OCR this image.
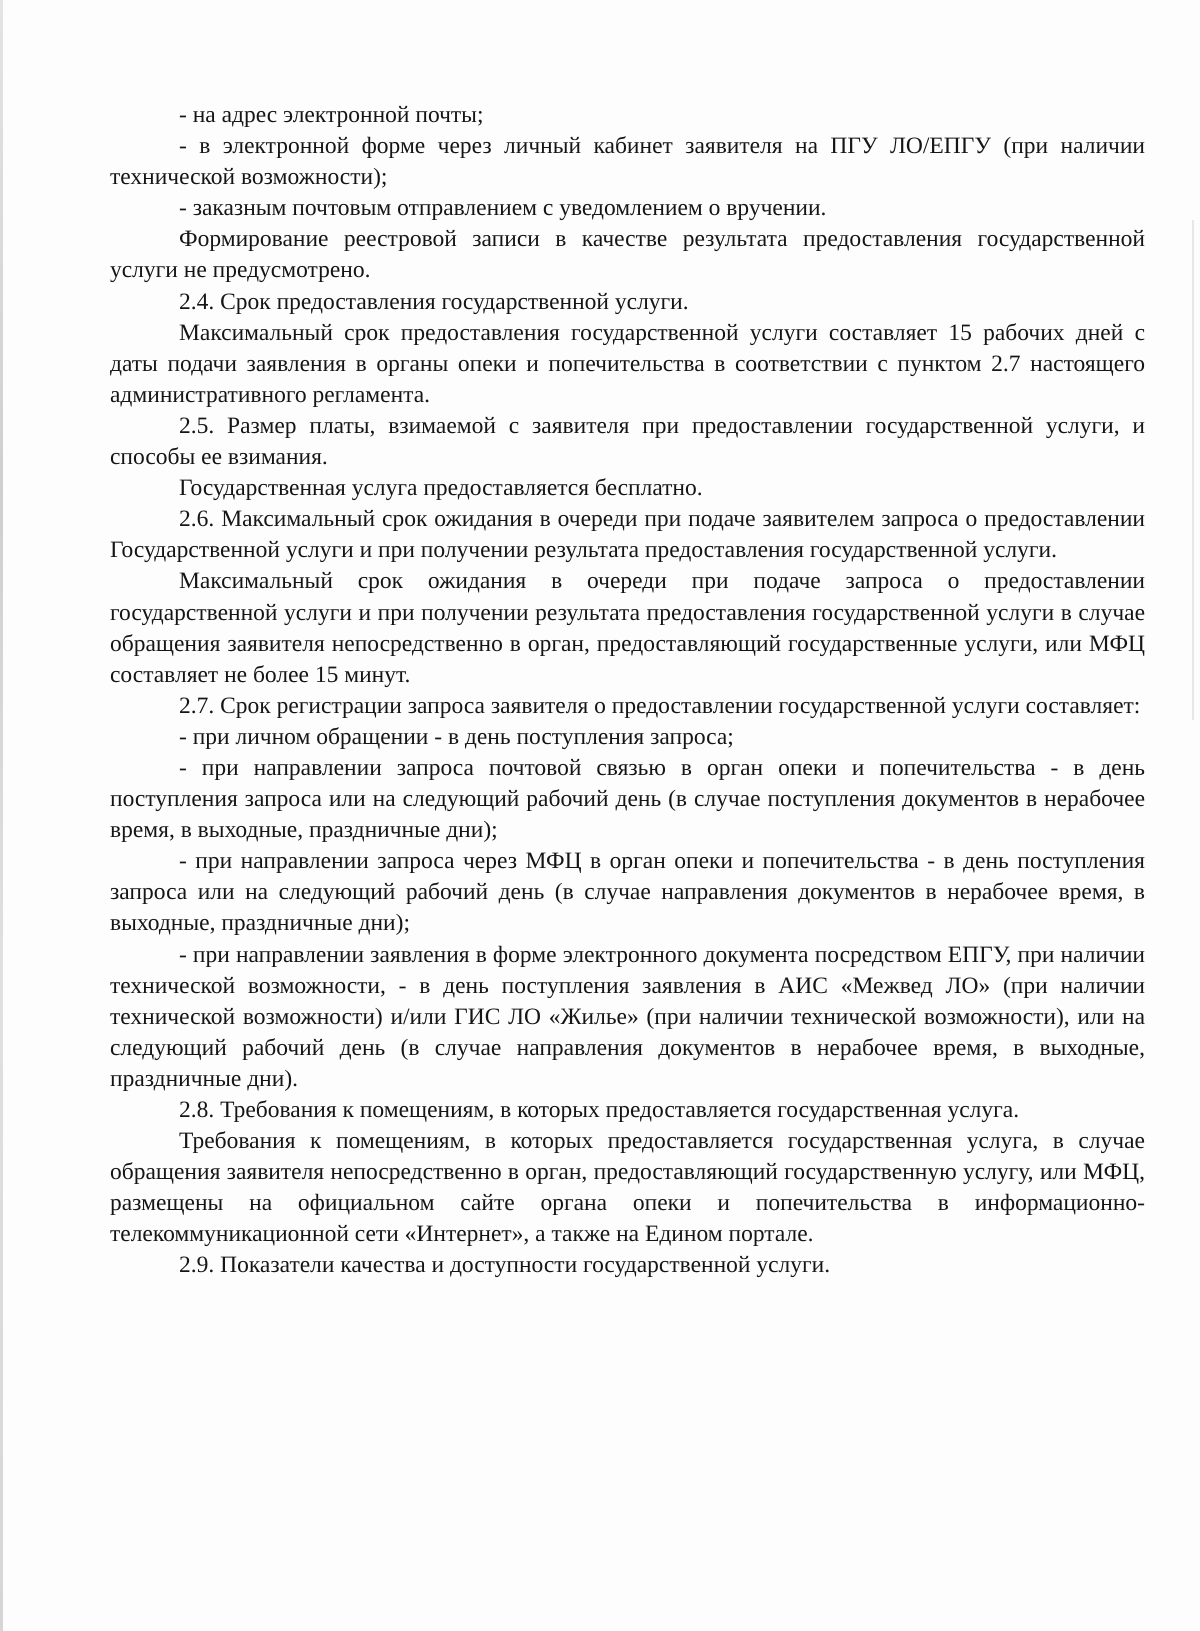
- на адрес электронной почты;

- в электронной форме через личный кабинет заявителя на ПГУ ЛО/ЕПГУ (при наличии технической возможности);

- заказным почтовым отправлением с уведомлением о вручении.

Формирование реестровой записи в качестве результата предоставления государственной услуги не предусмотрено.

2.4. Срок предоставления государственной услуги.

Максимальный срок предоставления государственной услуги составляет 15 рабочих дней с даты подачи заявления в органы опеки и попечительства в соответствии с пунктом 2.7 настоящего административного регламента.

2.5. Размер платы, взимаемой с заявителя при предоставлении государственной услуги, и способы ее взимания.

Государственная услуга предоставляется бесплатно.

2.6. Максимальный срок ожидания в очереди при подаче заявителем запроса о предоставлении Государственной услуги и при получении результата предоставления государственной услуги.

Максимальный срок ожидания в очереди при подаче запроса о предоставлении государственной услуги и при получении результата предоставления государственной услуги в случае обращения заявителя непосредственно в орган, предоставляющий государственные услуги, или МФЦ составляет не более 15 минут.

2.7. Срок регистрации запроса заявителя о предоставлении государственной услуги составляет:

- при личном обращении - в день поступления запроса;

- при направлении запроса почтовой связью в орган опеки и попечительства - в день поступления запроса или на следующий рабочий день (в случае поступления документов в нерабочее время, в выходные, праздничные дни);

- при направлении запроса через МФЦ в орган опеки и попечительства - в день поступления запроса или на следующий рабочий день (в случае направления документов в нерабочее время, в выходные, праздничные дни);

- при направлении заявления в форме электронного документа посредством ЕПГУ, при наличии технической возможности, - в день поступления заявления в АИС «Межвед ЛО» (при наличии технической возможности) и/или ГИС ЛО «Жилье» (при наличии технической возможности), или на следующий рабочий день (в случае направления документов в нерабочее время, в выходные, праздничные дни).

2.8. Требования к помещениям, в которых предоставляется государственная услуга.

Требования к помещениям, в которых предоставляется государственная услуга, в случае обращения заявителя непосредственно в орган, предоставляющий государственную услугу, или МФЦ, размещены на официальном сайте органа опеки и попечительства в информационно-телекоммуникационной сети «Интернет», а также на Едином портале.

2.9. Показатели качества и доступности государственной услуги.
